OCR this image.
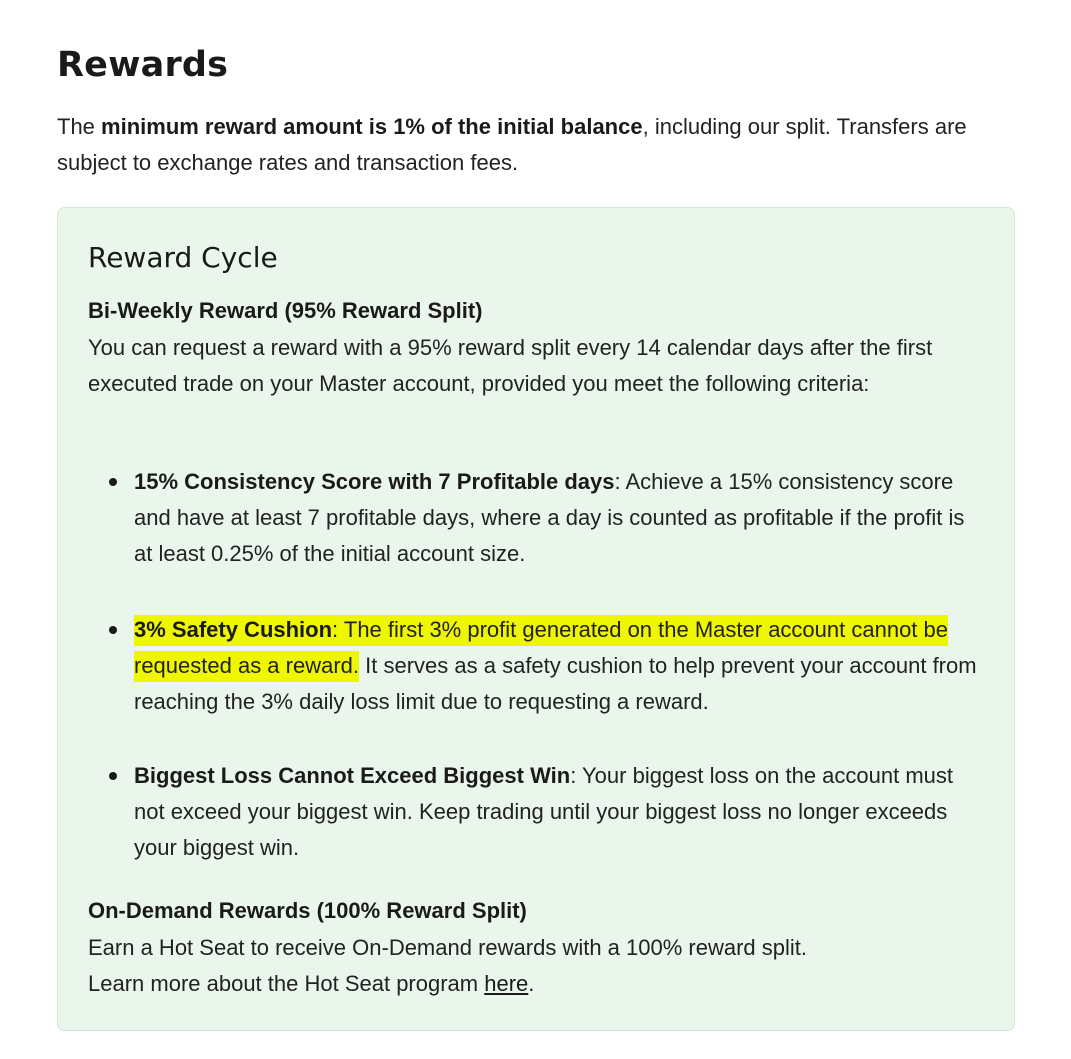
Rewards

The minimum reward amount is 1% of the initial balance, including our split. Transfers are subject to exchange rates and transaction fees.

Reward Cycle

Bi-Weekly Reward (95% Reward Split)

You can request a reward with a 95% reward split every 14 calendar days after the first executed trade on your Master account, provided you meet the following criteria:

15% Consistency Score with 7 Profitable days: Achieve a 15% consistency score and have at least 7 profitable days, where a day is counted as profitable if the profit is at least 0.25% of the initial account size.
3% Safety Cushion: The first 3% profit generated on the Master account cannot be requested as a reward. It serves as a safety cushion to help prevent your account from reaching the 3% daily loss limit due to requesting a reward.
Biggest Loss Cannot Exceed Biggest Win: Your biggest loss on the account must not exceed your biggest win. Keep trading until your biggest loss no longer exceeds your biggest win.

On-Demand Rewards (100% Reward Split)

Earn a Hot Seat to receive On-Demand rewards with a 100% reward split.

Learn more about the Hot Seat program here.
